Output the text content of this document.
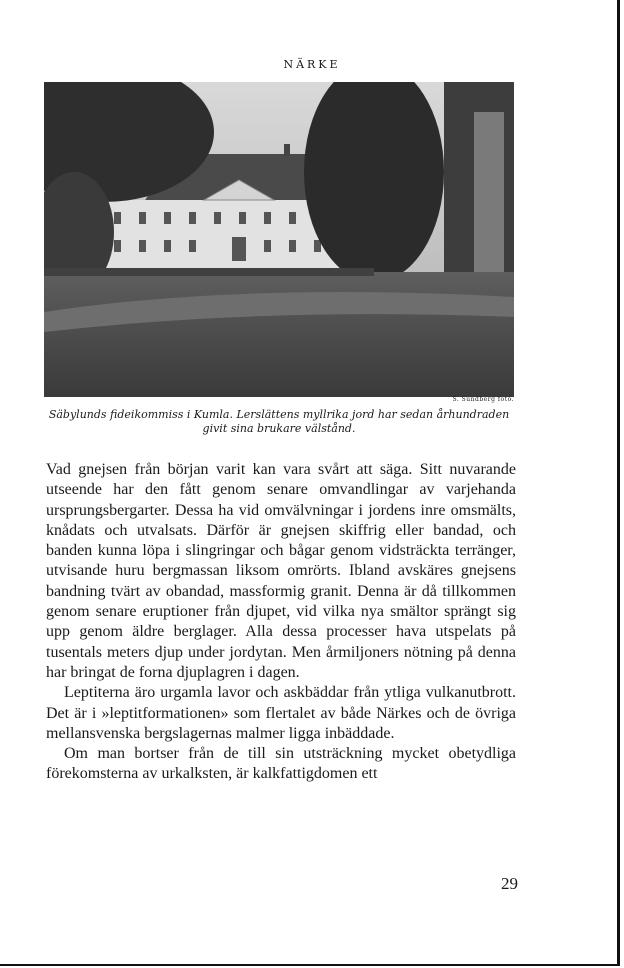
NÄRKE
S. Sundberg foto.
Säbylunds fideikommiss i Kumla. Lerslättens myllrika jord har sedan århundraden
givit sina brukare välstånd.

Vad gnejsen från början varit kan vara svårt att säga. Sitt nuvarande utseende har den fått genom senare omvandlingar av varjehanda ursprungsbergarter. Dessa ha vid omvälvningar i jordens inre omsmälts, knådats och utvalsats. Därför är gnejsen skiffrig eller bandad, och banden kunna löpa i slingringar och bågar genom vidsträckta terränger, utvisande huru bergmassan liksom omrörts. Ibland avskäres gnejsens bandning tvärt av obandad, massformig granit. Denna är då tillkommen genom senare eruptioner från djupet, vid vilka nya smältor sprängt sig upp genom äldre berglager. Alla dessa processer hava utspelats på tusentals meters djup under jordytan. Men årmiljoners nötning på denna har bringat de forna djuplagren i dagen.

Leptiterna äro urgamla lavor och askbäddar från ytliga vulkanutbrott. Det är i »leptitformationen» som flertalet av både Närkes och de övriga mellansvenska bergslagernas malmer ligga inbäddade.

Om man bortser från de till sin utsträckning mycket obetydliga förekomsterna av urkalksten, är kalkfattigdomen ett

29
